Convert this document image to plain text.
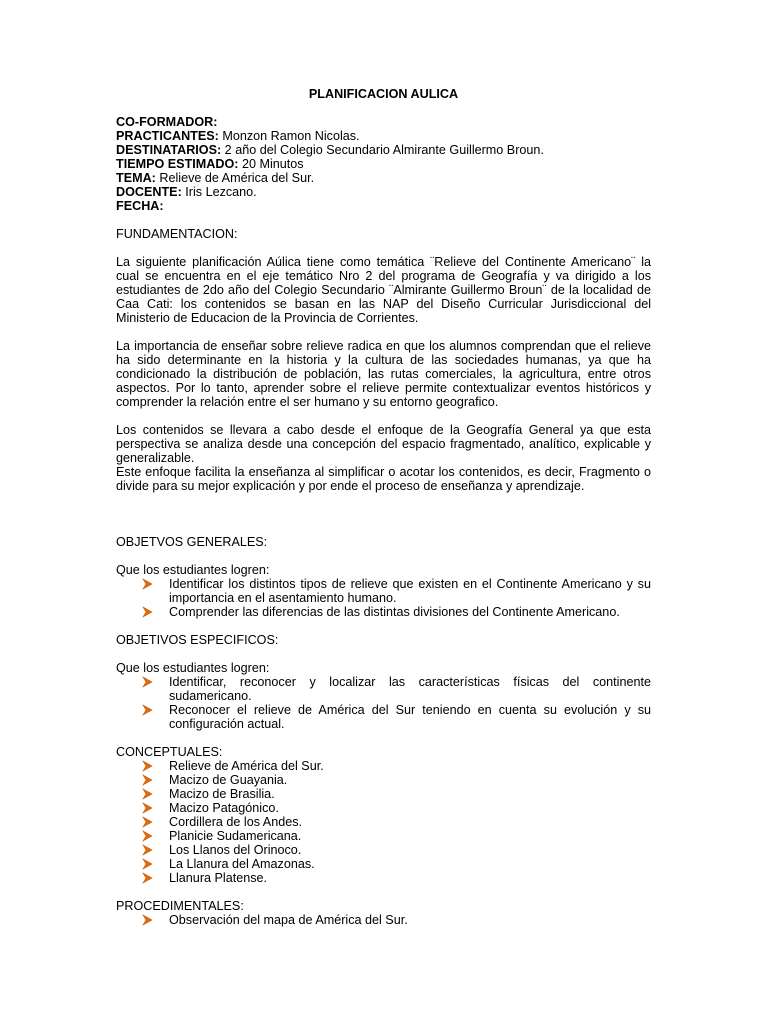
PLANIFICACION AULICA

CO-FORMADOR:

PRACTICANTES: Monzon Ramon Nicolas.

DESTINATARIOS: 2 año del Colegio Secundario Almirante Guillermo Broun.

TIEMPO ESTIMADO: 20 Minutos

TEMA: Relieve de América del Sur.

DOCENTE: Iris Lezcano.

FECHA:

FUNDAMENTACION:

La siguiente planificación Aúlica tiene como temática ¨Relieve del Continente Americano¨ la cual se encuentra en el eje temático Nro 2 del programa de Geografía y va dirigido a los estudiantes de 2do año del Colegio Secundario ¨Almirante Guillermo Broun¨ de la localidad de Caa Cati: los contenidos se basan en las NAP del Diseño Curricular Jurisdiccional del Ministerio de Educacion de la Provincia de Corrientes.

La importancia de enseñar sobre relieve radica en que los alumnos comprendan que el relieve ha sido determinante en la historia y la cultura de las sociedades humanas, ya que ha condicionado la distribución de población, las rutas comerciales, la agricultura, entre otros aspectos. Por lo tanto, aprender sobre el relieve permite contextualizar eventos históricos y comprender la relación entre el ser humano y su entorno geografico.

Los contenidos se llevara a cabo desde el enfoque de la Geografía General ya que esta perspectiva se analiza desde una concepción del espacio fragmentado, analítico, explicable y generalizable.

Este enfoque facilita la enseñanza al simplificar o acotar los contenidos, es decir, Fragmento o divide para su mejor explicación y por ende el proceso de enseñanza y aprendizaje.

OBJETVOS GENERALES:

Que los estudiantes logren:

Identificar los distintos tipos de relieve que existen en el Continente Americano y su importancia en el asentamiento humano.
Comprender las diferencias de las distintas divisiones del Continente Americano.

OBJETIVOS ESPECIFICOS:

Que los estudiantes logren:

Identificar, reconocer y localizar las características físicas del continente sudamericano.
Reconocer el relieve de América del Sur teniendo en cuenta su evolución y su configuración actual.

CONCEPTUALES:

Relieve de América del Sur.
Macizo de Guayania.
Macizo de Brasilia.
Macizo Patagónico.
Cordillera de los Andes.
Planicie Sudamericana.
Los Llanos del Orinoco.
La Llanura del Amazonas.
Llanura Platense.

PROCEDIMENTALES:

Observación del mapa de América del Sur.
